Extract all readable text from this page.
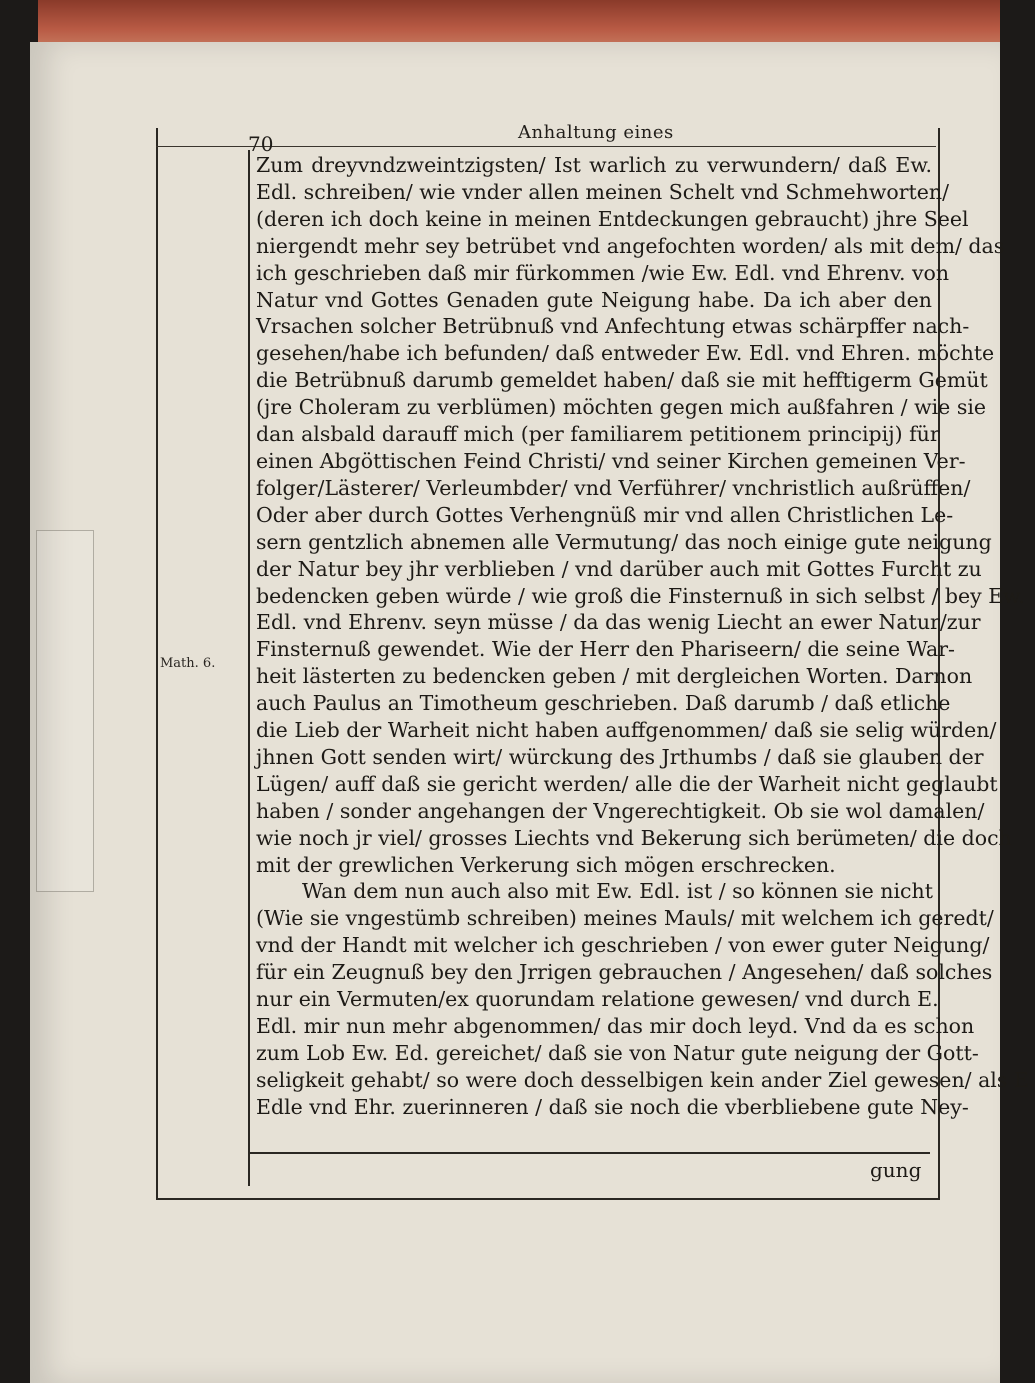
70	Anhaltung eines
Math. 6.
Zum dreyvndzweintzigsten/ Ist warlich zu verwundern/ daß Ew.
Edl. schreiben/ wie vnder allen meinen Schelt vnd Schmehworten/
(deren ich doch keine in meinen Entdeckungen gebraucht) jhre Seel
niergendt mehr sey betrübet vnd angefochten worden/ als mit dem/ das
ich geschrieben daß mir fürkommen /wie Ew. Edl. vnd Ehrenv. von
Natur vnd Gottes Genaden gute Neigung habe. Da ich aber den
Vrsachen solcher Betrübnuß vnd Anfechtung etwas schärpffer nach-
gesehen/habe ich befunden/ daß entweder Ew. Edl. vnd Ehren. möchte
die Betrübnuß darumb gemeldet haben/ daß sie mit hefftigerm Gemüt
(jre Choleram zu verblümen) möchten gegen mich außfahren / wie sie
dan alsbald darauff mich (per familiarem petitionem principij) für
einen Abgöttischen Feind Christi/ vnd seiner Kirchen gemeinen Ver-
folger/Lästerer/ Verleumbder/ vnd Verführer/ vnchristlich außrüffen/
Oder aber durch Gottes Verhengnüß mir vnd allen Christlichen Le-
sern gentzlich abnemen alle Vermutung/ das noch einige gute neigung
der Natur bey jhr verblieben / vnd darüber auch mit Gottes Furcht zu
bedencken geben würde / wie groß die Finsternuß in sich selbst / bey Ew.
Edl. vnd Ehrenv. seyn müsse / da das wenig Liecht an ewer Natur/zur
Finsternuß gewendet. Wie der Herr den Phariseern/ die seine War-
heit lästerten zu bedencken geben / mit dergleichen Worten. Darnon
auch Paulus an Timotheum geschrieben. Daß darumb / daß etliche
die Lieb der Warheit nicht haben auffgenommen/ daß sie selig würden/
jhnen Gott senden wirt/ würckung des Jrthumbs / daß sie glauben der
Lügen/ auff daß sie gericht werden/ alle die der Warheit nicht geglaubt
haben / sonder angehangen der Vngerechtigkeit. Ob sie wol damalen/
wie noch jr viel/ grosses Liechts vnd Bekerung sich berümeten/ die doch
mit der grewlichen Verkerung sich mögen erschrecken.
Wan dem nun auch also mit Ew. Edl. ist / so können sie nicht
(Wie sie vngestümb schreiben) meines Mauls/ mit welchem ich geredt/
vnd der Handt mit welcher ich geschrieben / von ewer guter Neigung/
für ein Zeugnuß bey den Jrrigen gebrauchen / Angesehen/ daß solches
nur ein Vermuten/ex quorundam relatione gewesen/ vnd durch E.
Edl. mir nun mehr abgenommen/ das mir doch leyd. Vnd da es schon
zum Lob Ew. Ed. gereichet/ daß sie von Natur gute neigung der Gott-
seligkeit gehabt/ so were doch desselbigen kein ander Ziel gewesen/ als E.
Edle vnd Ehr. zuerinneren / daß sie noch die vberbliebene gute Ney-
gung
